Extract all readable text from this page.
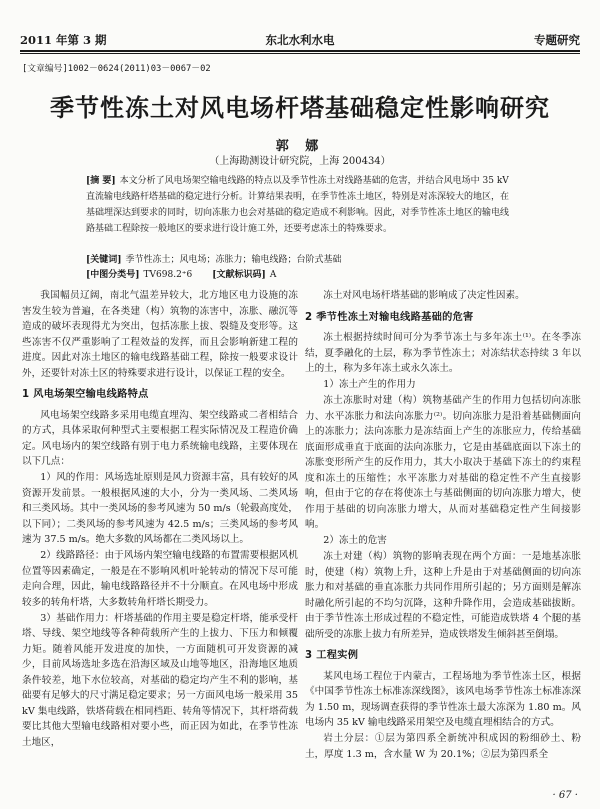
2011 年第 3 期	东北水利水电	专题研究
[文章编号]1002－0624(2011)03－0067－02
季节性冻土对风电场杆塔基础稳定性影响研究
郭 娜
（上海勘测设计研究院，上海 200434）
[摘 要] 本文分析了风电场架空输电线路的特点以及季节性冻土对线路基础的危害，并结合风电场中 35 kV 直流输电线路杆塔基础的稳定进行分析。计算结果表明，在季节性冻土地区，特别是对冻深较大的地区，在基础埋深达到要求的同时，切向冻胀力也会对基础的稳定造成不利影响。因此，对季节性冻土地区的输电线路基础工程除按一般地区的要求进行设计施工外，还要考虑冻土的特殊要求。
[关键词] 季节性冻土；风电场；冻胀力；输电线路；台阶式基础
[中图分类号] TV698.2⁺6 [文献标识码] A

我国幅员辽阔，南北气温差异较大，北方地区电力设施的冻害发生较为普遍，在各类建（构）筑物的冻害中，冻胀、融沉等造成的破坏表现得尤为突出，包括冻胀上拔、裂缝及变形等。这些冻害不仅严重影响了工程效益的发挥，而且会影响新建工程的进度。因此对冻土地区的输电线路基础工程，除按一般要求设计外，还要针对冻土区的特殊要求进行设计，以保证工程的安全。

1 风电场架空输电线路特点

风电场架空线路多采用电缆直埋沟、架空线路或二者相结合的方式，具体采取何种型式主要根据工程实际情况及工程造价确定。风电场内的架空线路有别于电力系统输电线路，主要体现在以下几点：

1）风的作用：风场选址原则是风力资源丰富，具有较好的风资源开发前景。一般根据风速的大小，分为一类风场、二类风场和三类风场。其中一类风场的参考风速为 50 m/s（轮毂高度处，以下同）；二类风场的参考风速为 42.5 m/s；三类风场的参考风速为 37.5 m/s。绝大多数的风场都在二类风场以上。

2）线路路径：由于风场内架空输电线路的布置需要根据风机位置等因素确定，一般是在不影响风机叶轮转动的情况下尽可能走向合理，因此，输电线路路径并不十分顺直。在风电场中形成较多的转角杆塔，大多数转角杆塔长期受力。

3）基础作用力：杆塔基础的作用主要是稳定杆塔，能承受杆塔、导线、架空地线等各种荷载所产生的上拔力、下压力和倾覆力矩。随着风能开发进度的加快，一方面随机可开发资源的减少，目前风场选址多选在沿海区域及山地等地区，沿海地区地质条件较差，地下水位较高，对基础的稳定均产生不利的影响，基础要有足够大的尺寸满足稳定要求；另一方面风电场一般采用 35 kV 集电线路，铁塔荷载在相同档距、转角等情况下，其杆塔荷载要比其他大型输电线路相对要小些，而正因为如此，在季节性冻土地区，

冻土对风电场杆塔基础的影响成了决定性因素。

2 季节性冻土对输电线路基础的危害

冻土根据持续时间可分为季节冻土与多年冻土⁽¹⁾。在冬季冻结，夏季融化的土层，称为季节性冻土；对冻结状态持续 3 年以上的土，称为多年冻土或永久冻土。

1）冻土产生的作用力

冻土冻胀时对建（构）筑物基础产生的作用力包括切向冻胀力、水平冻胀力和法向冻胀力⁽²⁾。切向冻胀力是沿着基础侧面向上的冻胀力；法向冻胀力是冻结面上产生的冻胀应力，传给基础底面形成垂直于底面的法向冻胀力，它是由基础底面以下冻土的冻胀变形所产生的反作用力，其大小取决于基础下冻土的约束程度和冻土的压缩性；水平冻胀力对基础的稳定性不产生直接影响，但由于它的存在将使冻土与基础侧面的切向冻胀力增大，使作用于基础的切向冻胀力增大，从而对基础稳定性产生间接影响。

2）冻土的危害

冻土对建（构）筑物的影响表现在两个方面：一是地基冻胀时，使建（构）筑物上升，这种上升是由于对基础侧面的切向冻胀力和对基础的垂直冻胀力共同作用所引起的；另方面则是解冻时融化所引起的不均匀沉降，这种升降作用，会造成基础拔断。由于季节性冻土形成过程的不稳定性，可能造成铁塔 4 个腿的基础所受的冻胀上拔力有所差异，造成铁塔发生倾斜甚至倒塌。

3 工程实例

某风电场工程位于内蒙古，工程场地为季节性冻土区，根据《中国季节性冻土标准冻深线图》，该风电场季节性冻土标准冻深为 1.50 m，现场调查获得的季节性冻土最大冻深为 1.80 m。风电场内 35 kV 输电线路采用架空及电缆直埋相结合的方式。

岩土分层：①层为第四系全新统冲积成因的粉细砂土、粉土，厚度 1.3 m，含水量 W 为 20.1%；②层为第四系全

· 67 ·
